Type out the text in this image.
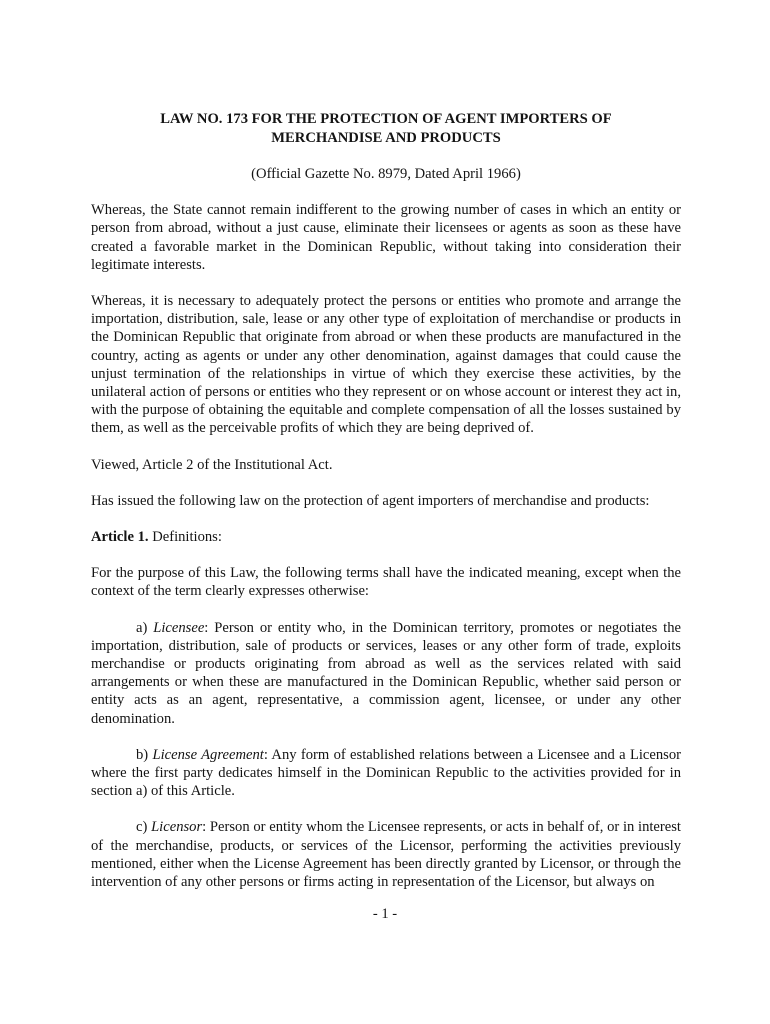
LAW NO. 173 FOR THE PROTECTION OF AGENT IMPORTERS OF
MERCHANDISE AND PRODUCTS

(Official Gazette No. 8979, Dated April 1966)

Whereas, the State cannot remain indifferent to the growing number of cases in which an entity or person from abroad, without a just cause, eliminate their licensees or agents as soon as these have created a favorable market in the Dominican Republic, without taking into consideration their legitimate interests.

Whereas, it is necessary to adequately protect the persons or entities who promote and arrange the importation, distribution, sale, lease or any other type of exploitation of merchandise or products in the Dominican Republic that originate from abroad or when these products are manufactured in the country, acting as agents or under any other denomination, against damages that could cause the unjust termination of the relationships in virtue of which they exercise these activities, by the unilateral action of persons or entities who they represent or on whose account or interest they act in, with the purpose of obtaining the equitable and complete compensation of all the losses sustained by them, as well as the perceivable profits of which they are being deprived of.

Viewed, Article 2 of the Institutional Act.

Has issued the following law on the protection of agent importers of merchandise and products:

Article 1. Definitions:

For the purpose of this Law, the following terms shall have the indicated meaning, except when the context of the term clearly expresses otherwise:

a) Licensee: Person or entity who, in the Dominican territory, promotes or negotiates the importation, distribution, sale of products or services, leases or any other form of trade, exploits merchandise or products originating from abroad as well as the services related with said arrangements or when these are manufactured in the Dominican Republic, whether said person or entity acts as an agent, representative, a commission agent, licensee, or under any other denomination.

b) License Agreement: Any form of established relations between a Licensee and a Licensor where the first party dedicates himself in the Dominican Republic to the activities provided for in section a) of this Article.

c) Licensor: Person or entity whom the Licensee represents, or acts in behalf of, or in interest of the merchandise, products, or services of the Licensor, performing the activities previously mentioned, either when the License Agreement has been directly granted by Licensor, or through the intervention of any other persons or firms acting in representation of the Licensor, but always on

- 1 -
